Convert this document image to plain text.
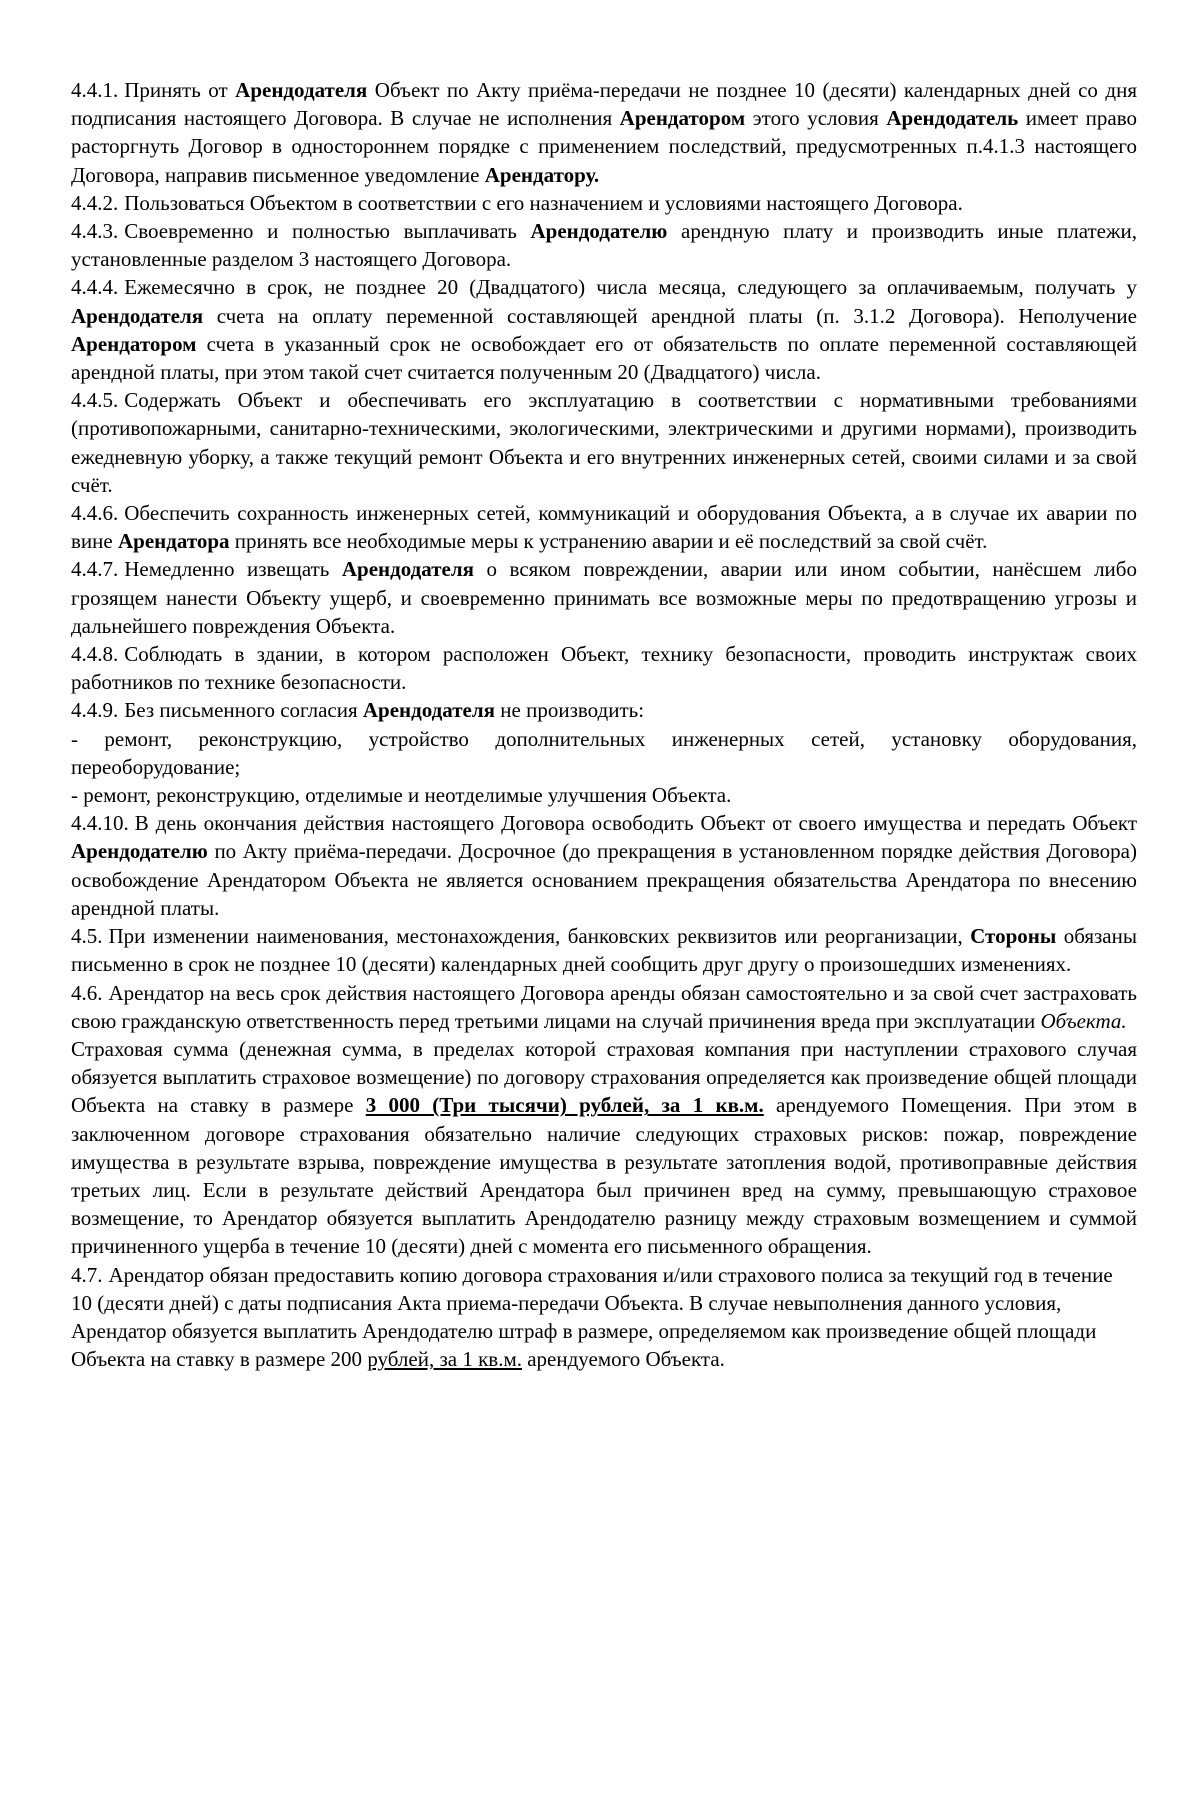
4.4.1. Принять от Арендодателя Объект по Акту приёма-передачи не позднее 10 (десяти) календарных дней со дня подписания настоящего Договора. В случае не исполнения Арендатором этого условия Арендодатель имеет право расторгнуть Договор в одностороннем порядке с применением последствий, предусмотренных п.4.1.3 настоящего Договора, направив письменное уведомление Арендатору.

4.4.2. Пользоваться Объектом в соответствии с его назначением и условиями настоящего Договора.

4.4.3. Своевременно и полностью выплачивать Арендодателю арендную плату и производить иные платежи, установленные разделом 3 настоящего Договора.

4.4.4. Ежемесячно в срок, не позднее 20 (Двадцатого) числа месяца, следующего за оплачиваемым, получать у Арендодателя счета на оплату переменной составляющей арендной платы (п. 3.1.2 Договора). Неполучение Арендатором счета в указанный срок не освобождает его от обязательств по оплате переменной составляющей арендной платы, при этом такой счет считается полученным 20 (Двадцатого) числа.

4.4.5. Содержать Объект и обеспечивать его эксплуатацию в соответствии с нормативными требованиями (противопожарными, санитарно-техническими, экологическими, электрическими и другими нормами), производить ежедневную уборку, а также текущий ремонт Объекта и его внутренних инженерных сетей, своими силами и за свой счёт.

4.4.6. Обеспечить сохранность инженерных сетей, коммуникаций и оборудования Объекта, а в случае их аварии по вине Арендатора принять все необходимые меры к устранению аварии и её последствий за свой счёт.

4.4.7. Немедленно извещать Арендодателя о всяком повреждении, аварии или ином событии, нанёсшем либо грозящем нанести Объекту ущерб, и своевременно принимать все возможные меры по предотвращению угрозы и дальнейшего повреждения Объекта.

4.4.8. Соблюдать в здании, в котором расположен Объект, технику безопасности, проводить инструктаж своих работников по технике безопасности.

4.4.9. Без письменного согласия Арендодателя не производить:

- ремонт, реконструкцию, устройство дополнительных инженерных сетей, установку оборудования, переоборудование;

- ремонт, реконструкцию, отделимые и неотделимые улучшения Объекта.

4.4.10. В день окончания действия настоящего Договора освободить Объект от своего имущества и передать Объект Арендодателю по Акту приёма-передачи. Досрочное (до прекращения в установленном порядке действия Договора) освобождение Арендатором Объекта не является основанием прекращения обязательства Арендатора по внесению арендной платы.

4.5. При изменении наименования, местонахождения, банковских реквизитов или реорганизации, Стороны обязаны письменно в срок не позднее 10 (десяти) календарных дней сообщить друг другу о произошедших изменениях.

4.6. Арендатор на весь срок действия настоящего Договора аренды обязан самостоятельно и за свой счет застраховать свою гражданскую ответственность перед третьими лицами на случай причинения вреда при эксплуатации Объекта.

Страховая сумма (денежная сумма, в пределах которой страховая компания при наступлении страхового случая обязуется выплатить страховое возмещение) по договору страхования определяется как произведение общей площади Объекта на ставку в размере 3 000 (Три тысячи) рублей, за 1 кв.м. арендуемого Помещения. При этом в заключенном договоре страхования обязательно наличие следующих страховых рисков: пожар, повреждение имущества в результате взрыва, повреждение имущества в результате затопления водой, противоправные действия третьих лиц. Если в результате действий Арендатора был причинен вред на сумму, превышающую страховое возмещение, то Арендатор обязуется выплатить Арендодателю разницу между страховым возмещением и суммой причиненного ущерба в течение 10 (десяти) дней с момента его письменного обращения.

4.7. Арендатор обязан предоставить копию договора страхования и/или страхового полиса за текущий год в течение 10 (десяти дней) с даты подписания Акта приема-передачи Объекта. В случае невыполнения данного условия, Арендатор обязуется выплатить Арендодателю штраф в размере, определяемом как произведение общей площади Объекта на ставку в размере 200 рублей, за 1 кв.м. арендуемого Объекта.
